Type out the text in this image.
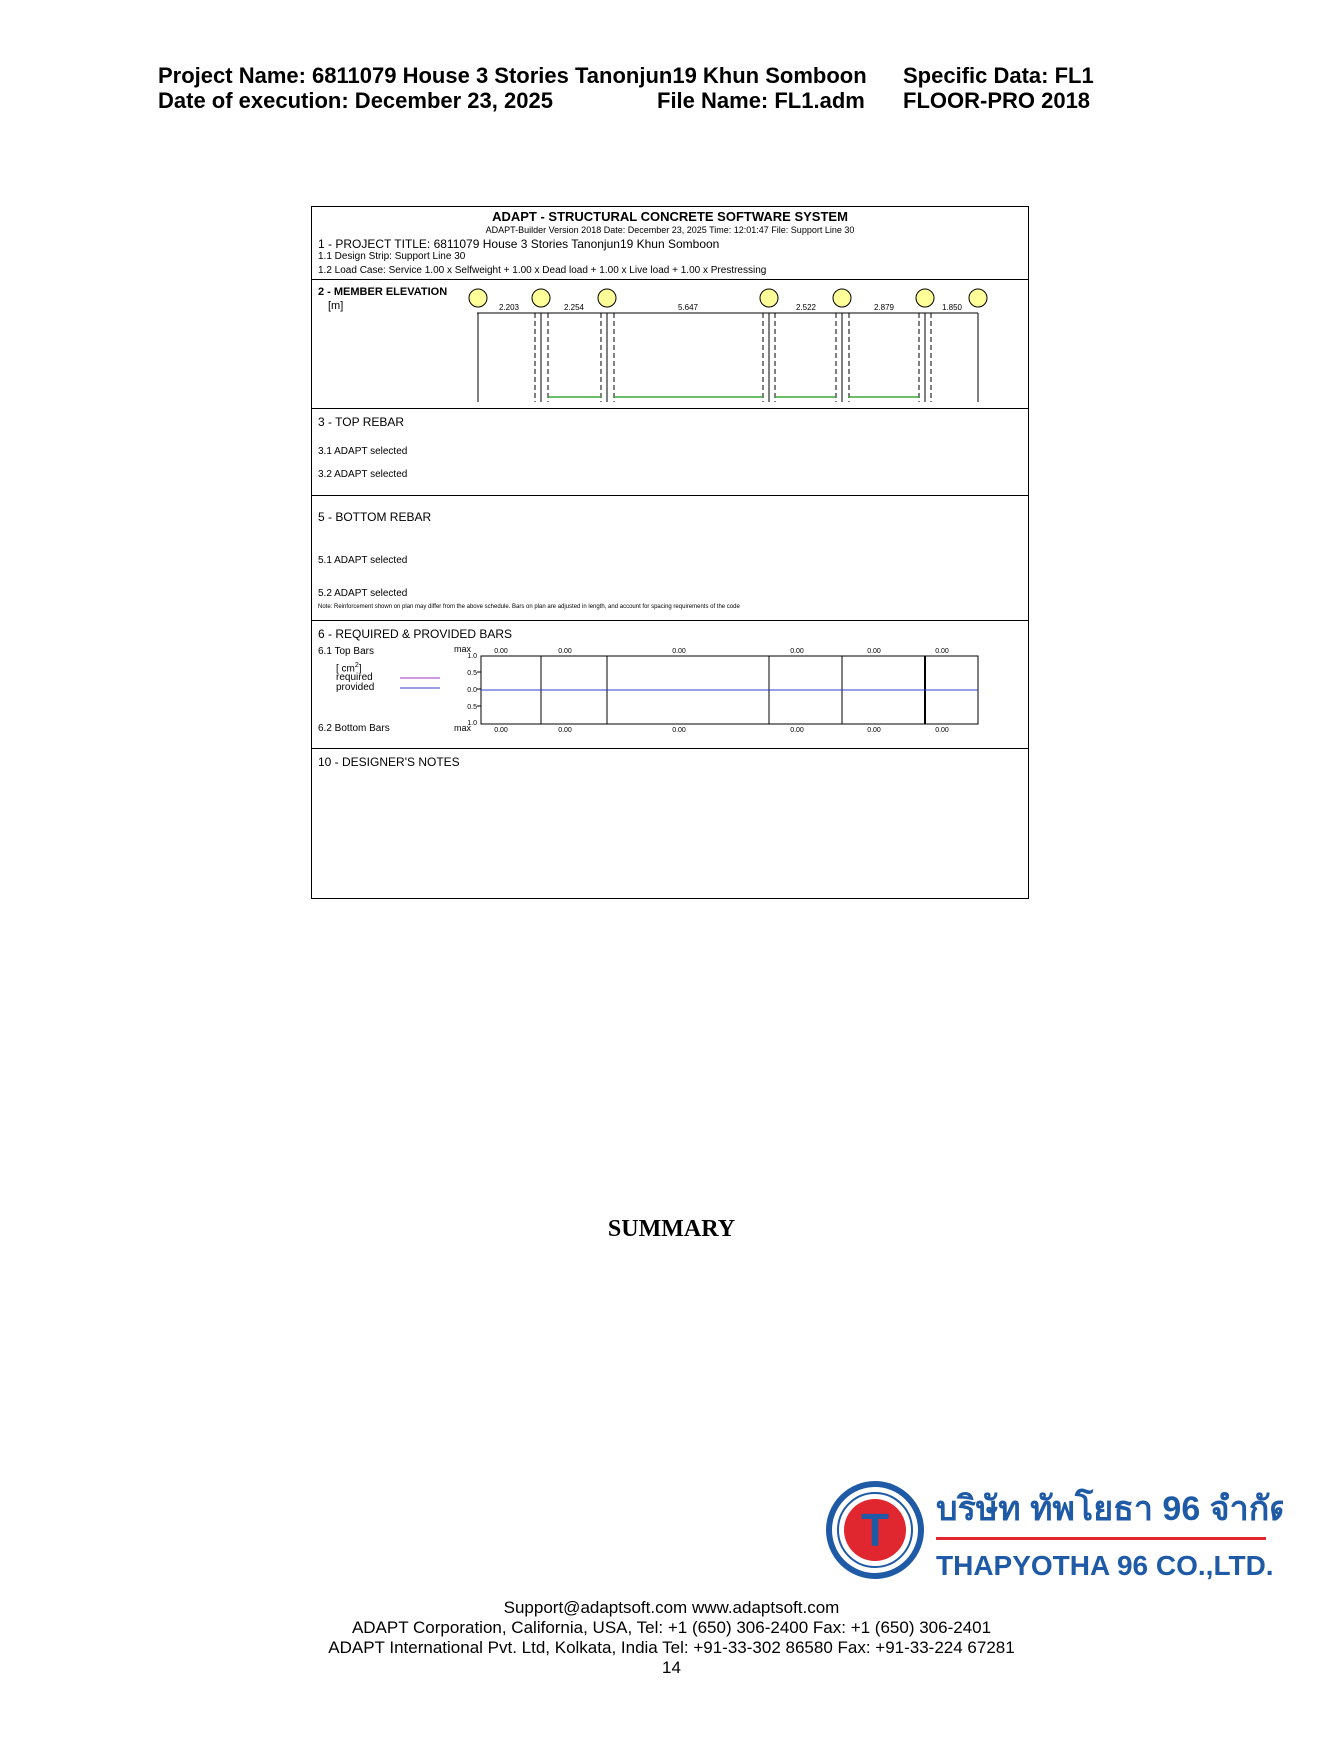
Project Name: 6811079 House 3 Stories Tanonjun19 Khun Somboon Specific Data: FL1
Date of execution: December 23, 2025	File Name: FL1.adm FLOOR-PRO 2018
ADAPT - STRUCTURAL CONCRETE SOFTWARE SYSTEM
ADAPT-Builder Version 2018 Date: December 23, 2025 Time: 12:01:47 File: Support Line 30
1 - PROJECT TITLE: 6811079 House 3 Stories Tanonjun19 Khun Somboon
1.1 Design Strip: Support Line 30
1.2 Load Case: Service 1.00 x Selfweight + 1.00 x Dead load + 1.00 x Live load + 1.00 x Prestressing
2 - MEMBER ELEVATION
[m]	2.203	2.254	5.647	2.522	2.879	1.850
3 - TOP REBAR
3.1 ADAPT selected
3.2 ADAPT selected
5 - BOTTOM REBAR
5.1 ADAPT selected
5.2 ADAPT selected
Note: Reinforcement shown on plan may differ from the above schedule. Bars on plan are adjusted in length, and account for spacing requirements of the code
6 - REQUIRED & PROVIDED BARS
6.1 Top Bars
6.2 Bottom Bars
[ $cm^2$]
required
provided
max
max
1.0
0.5
0.0
0.5
1.0
0.00	0.00	0.00	0.00	0.00	0.00
0.00	0.00	0.00	0.00	0.00	0.00
10 - DESIGNER'S NOTES
SUMMARY
T บริษัท ทัพโยธา 96 จำกัด
THAPYOTHA 96 CO.,LTD.
Support@adaptsoft.com www.adaptsoft.com
ADAPT Corporation, California, USA, Tel: +1 (650) 306-2400 Fax: +1 (650) 306-2401
ADAPT International Pvt. Ltd, Kolkata, India Tel: +91-33-302 86580 Fax: +91-33-224 67281
14
